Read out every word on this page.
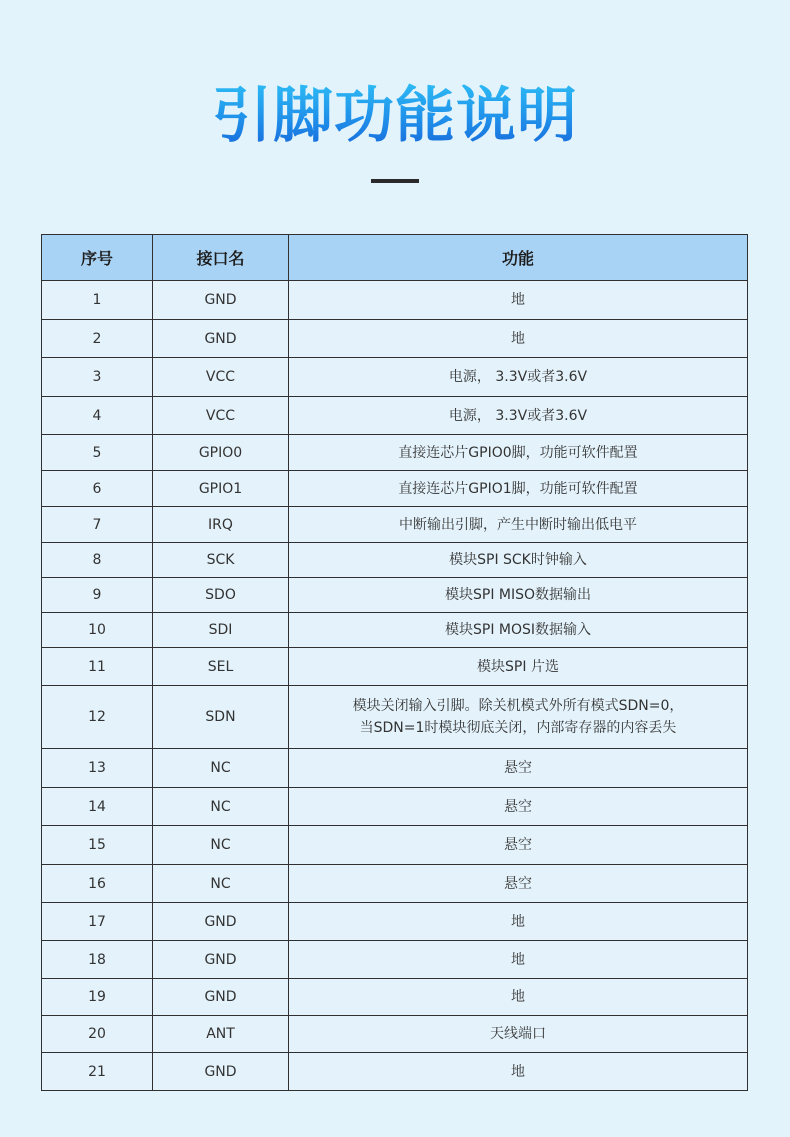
引脚功能说明
序号	接口名	功能
1	GND	地

2	GND	地

3	VCC	电源， 3.3V或者3.6V

4	VCC	电源， 3.3V或者3.6V

5	GPIO0	直接连芯片GPIO0脚，功能可软件配置

6	GPIO1	直接连芯片GPIO1脚，功能可软件配置

7	IRQ	中断输出引脚，产生中断时输出低电平

8	SCK	模块SPI SCK时钟输入

9	SDO	模块SPI MISO数据输出

10	SDI	模块SPI MOSI数据输入

11	SEL	模块SPI 片选

12	SDN	模块关闭输入引脚。除关机模式外所有模式SDN=0，
当SDN=1时模块彻底关闭，内部寄存器的内容丢失

13	NC	悬空

14	NC	悬空

15	NC	悬空

16	NC	悬空

17	GND	地

18	GND	地

19	GND	地

20	ANT	天线端口

21	GND	地
